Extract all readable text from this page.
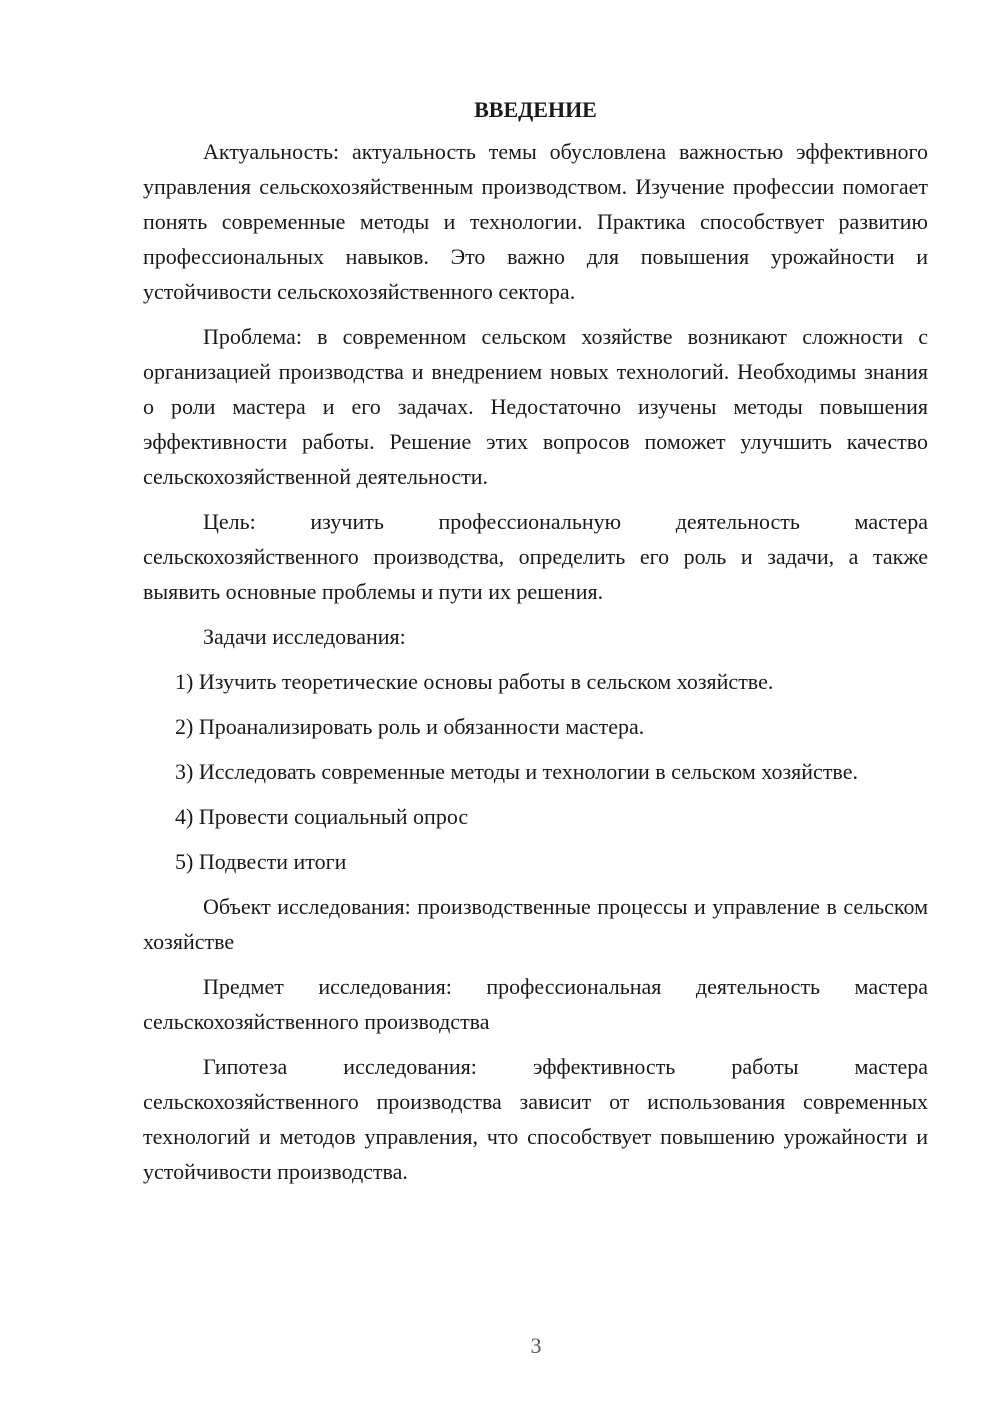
ВВЕДЕНИЕ

Актуальность: актуальность темы обусловлена важностью эффективного управления сельскохозяйственным производством. Изучение профессии помогает понять современные методы и технологии. Практика способствует развитию профессиональных навыков. Это важно для повышения урожайности и устойчивости сельскохозяйственного сектора.

Проблема: в современном сельском хозяйстве возникают сложности с организацией производства и внедрением новых технологий. Необходимы знания о роли мастера и его задачах. Недостаточно изучены методы повышения эффективности работы. Решение этих вопросов поможет улучшить качество сельскохозяйственной деятельности.

Цель: изучить профессиональную деятельность мастера сельскохозяйственного производства, определить его роль и задачи, а также выявить основные проблемы и пути их решения.

Задачи исследования:

1) Изучить теоретические основы работы в сельском хозяйстве.

2) Проанализировать роль и обязанности мастера.

3) Исследовать современные методы и технологии в сельском хозяйстве.

4) Провести социальный опрос

5) Подвести итоги

Объект исследования: производственные процессы и управление в сельском хозяйстве

Предмет исследования: профессиональная деятельность мастера сельскохозяйственного производства

Гипотеза исследования: эффективность работы мастера сельскохозяйственного производства зависит от использования современных технологий и методов управления, что способствует повышению урожайности и устойчивости производства.

3
